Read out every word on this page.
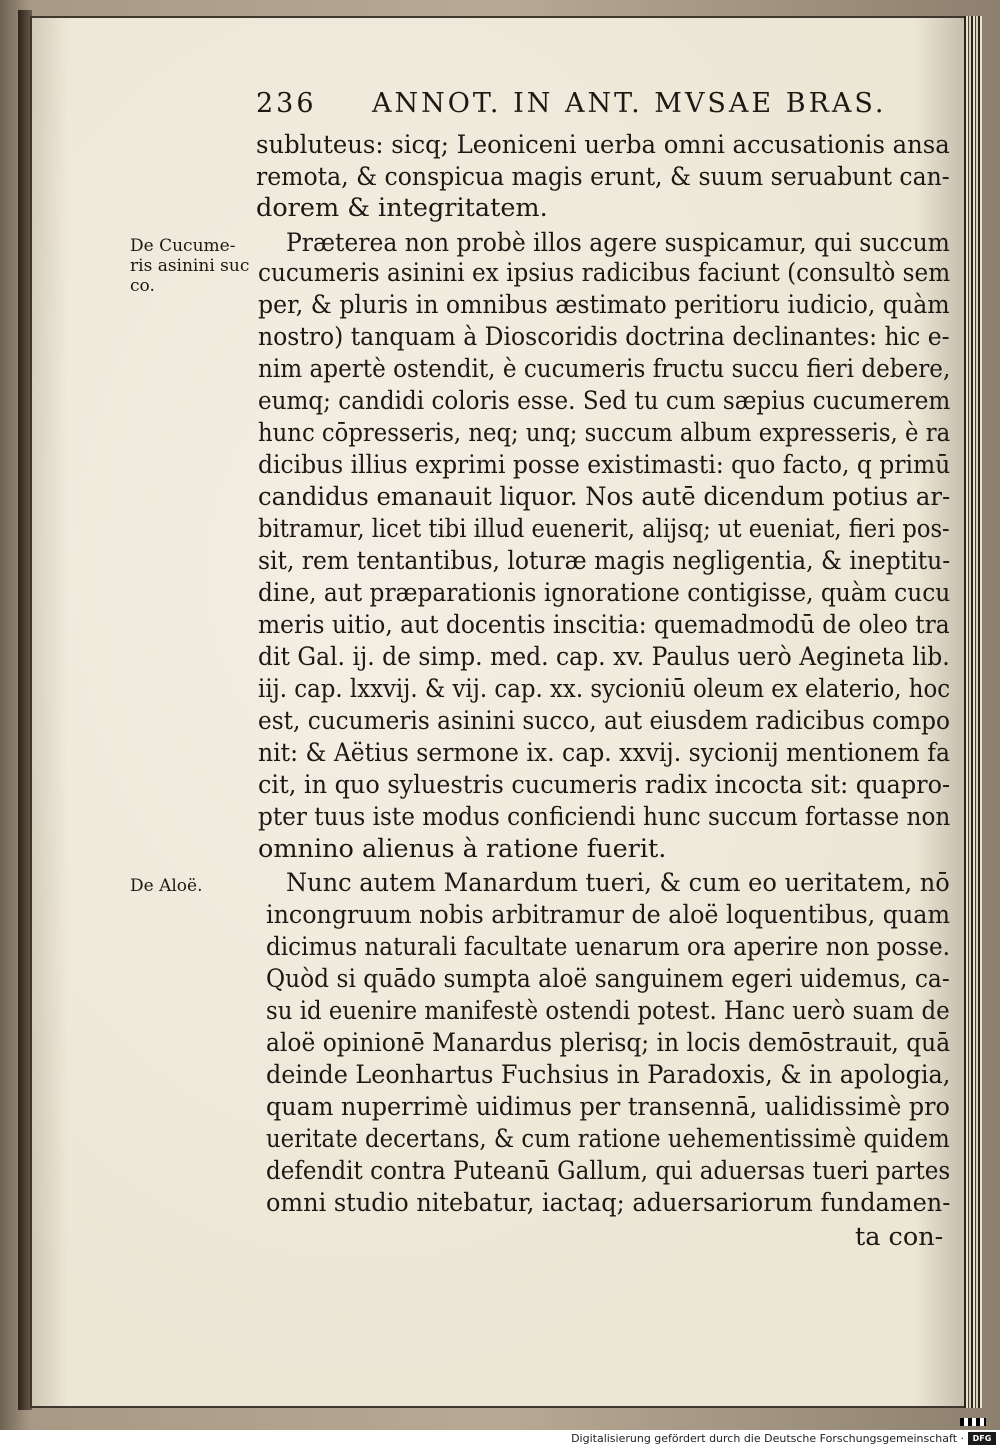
236 ANNOT. IN ANT. MVSAE BRAS.
De Cucume-
ris asinini suc
co.
De Aloë.
subluteus: sicq; Leoniceni uerba omni accusationis ansa
remota, & conspicua magis erunt, & suum seruabunt can-
dorem & integritatem.
Præterea non probè illos agere suspicamur, qui succum
cucumeris asinini ex ipsius radicibus faciunt (consultò sem
per, & pluris in omnibus æstimato peritioru iudicio, quàm
nostro) tanquam à Dioscoridis doctrina declinantes: hic e-
nim apertè ostendit, è cucumeris fructu succu fieri debere,
eumq; candidi coloris esse. Sed tu cum sæpius cucumerem
hunc cōpresseris, neq; unq; succum album expresseris, è ra
dicibus illius exprimi posse existimasti: quo facto, q primū
candidus emanauit liquor. Nos autē dicendum potius ar-
bitramur, licet tibi illud euenerit, alijsq; ut eueniat, fieri pos-
sit, rem tentantibus, loturæ magis negligentia, & ineptitu-
dine, aut præparationis ignoratione contigisse, quàm cucu
meris uitio, aut docentis inscitia: quemadmodū de oleo tra
dit Gal. ij. de simp. med. cap. xv. Paulus uerò Aegineta lib.
iij. cap. lxxvij. & vij. cap. xx. sycioniū oleum ex elaterio, hoc
est, cucumeris asinini succo, aut eiusdem radicibus compo
nit: & Aëtius sermone ix. cap. xxvij. sycionij mentionem fa
cit, in quo syluestris cucumeris radix incocta sit: quapro-
pter tuus iste modus conficiendi hunc succum fortasse non
omnino alienus à ratione fuerit.
Nunc autem Manardum tueri, & cum eo ueritatem, nō
incongruum nobis arbitramur de aloë loquentibus, quam
dicimus naturali facultate uenarum ora aperire non posse.
Quòd si quādo sumpta aloë sanguinem egeri uidemus, ca-
su id euenire manifestè ostendi potest. Hanc uerò suam de
aloë opinionē Manardus plerisq; in locis demōstrauit, quā
deinde Leonhartus Fuchsius in Paradoxis, & in apologia,
quam nuperrimè uidimus per transennā, ualidissimè pro
ueritate decertans, & cum ratione uehementissimè quidem
defendit contra Puteanū Gallum, qui aduersas tueri partes
omni studio nitebatur, iactaq; aduersariorum fundamen-
ta con-
Digitalisierung gefördert durch die Deutsche Forschungsgemeinschaft ·	DFG
